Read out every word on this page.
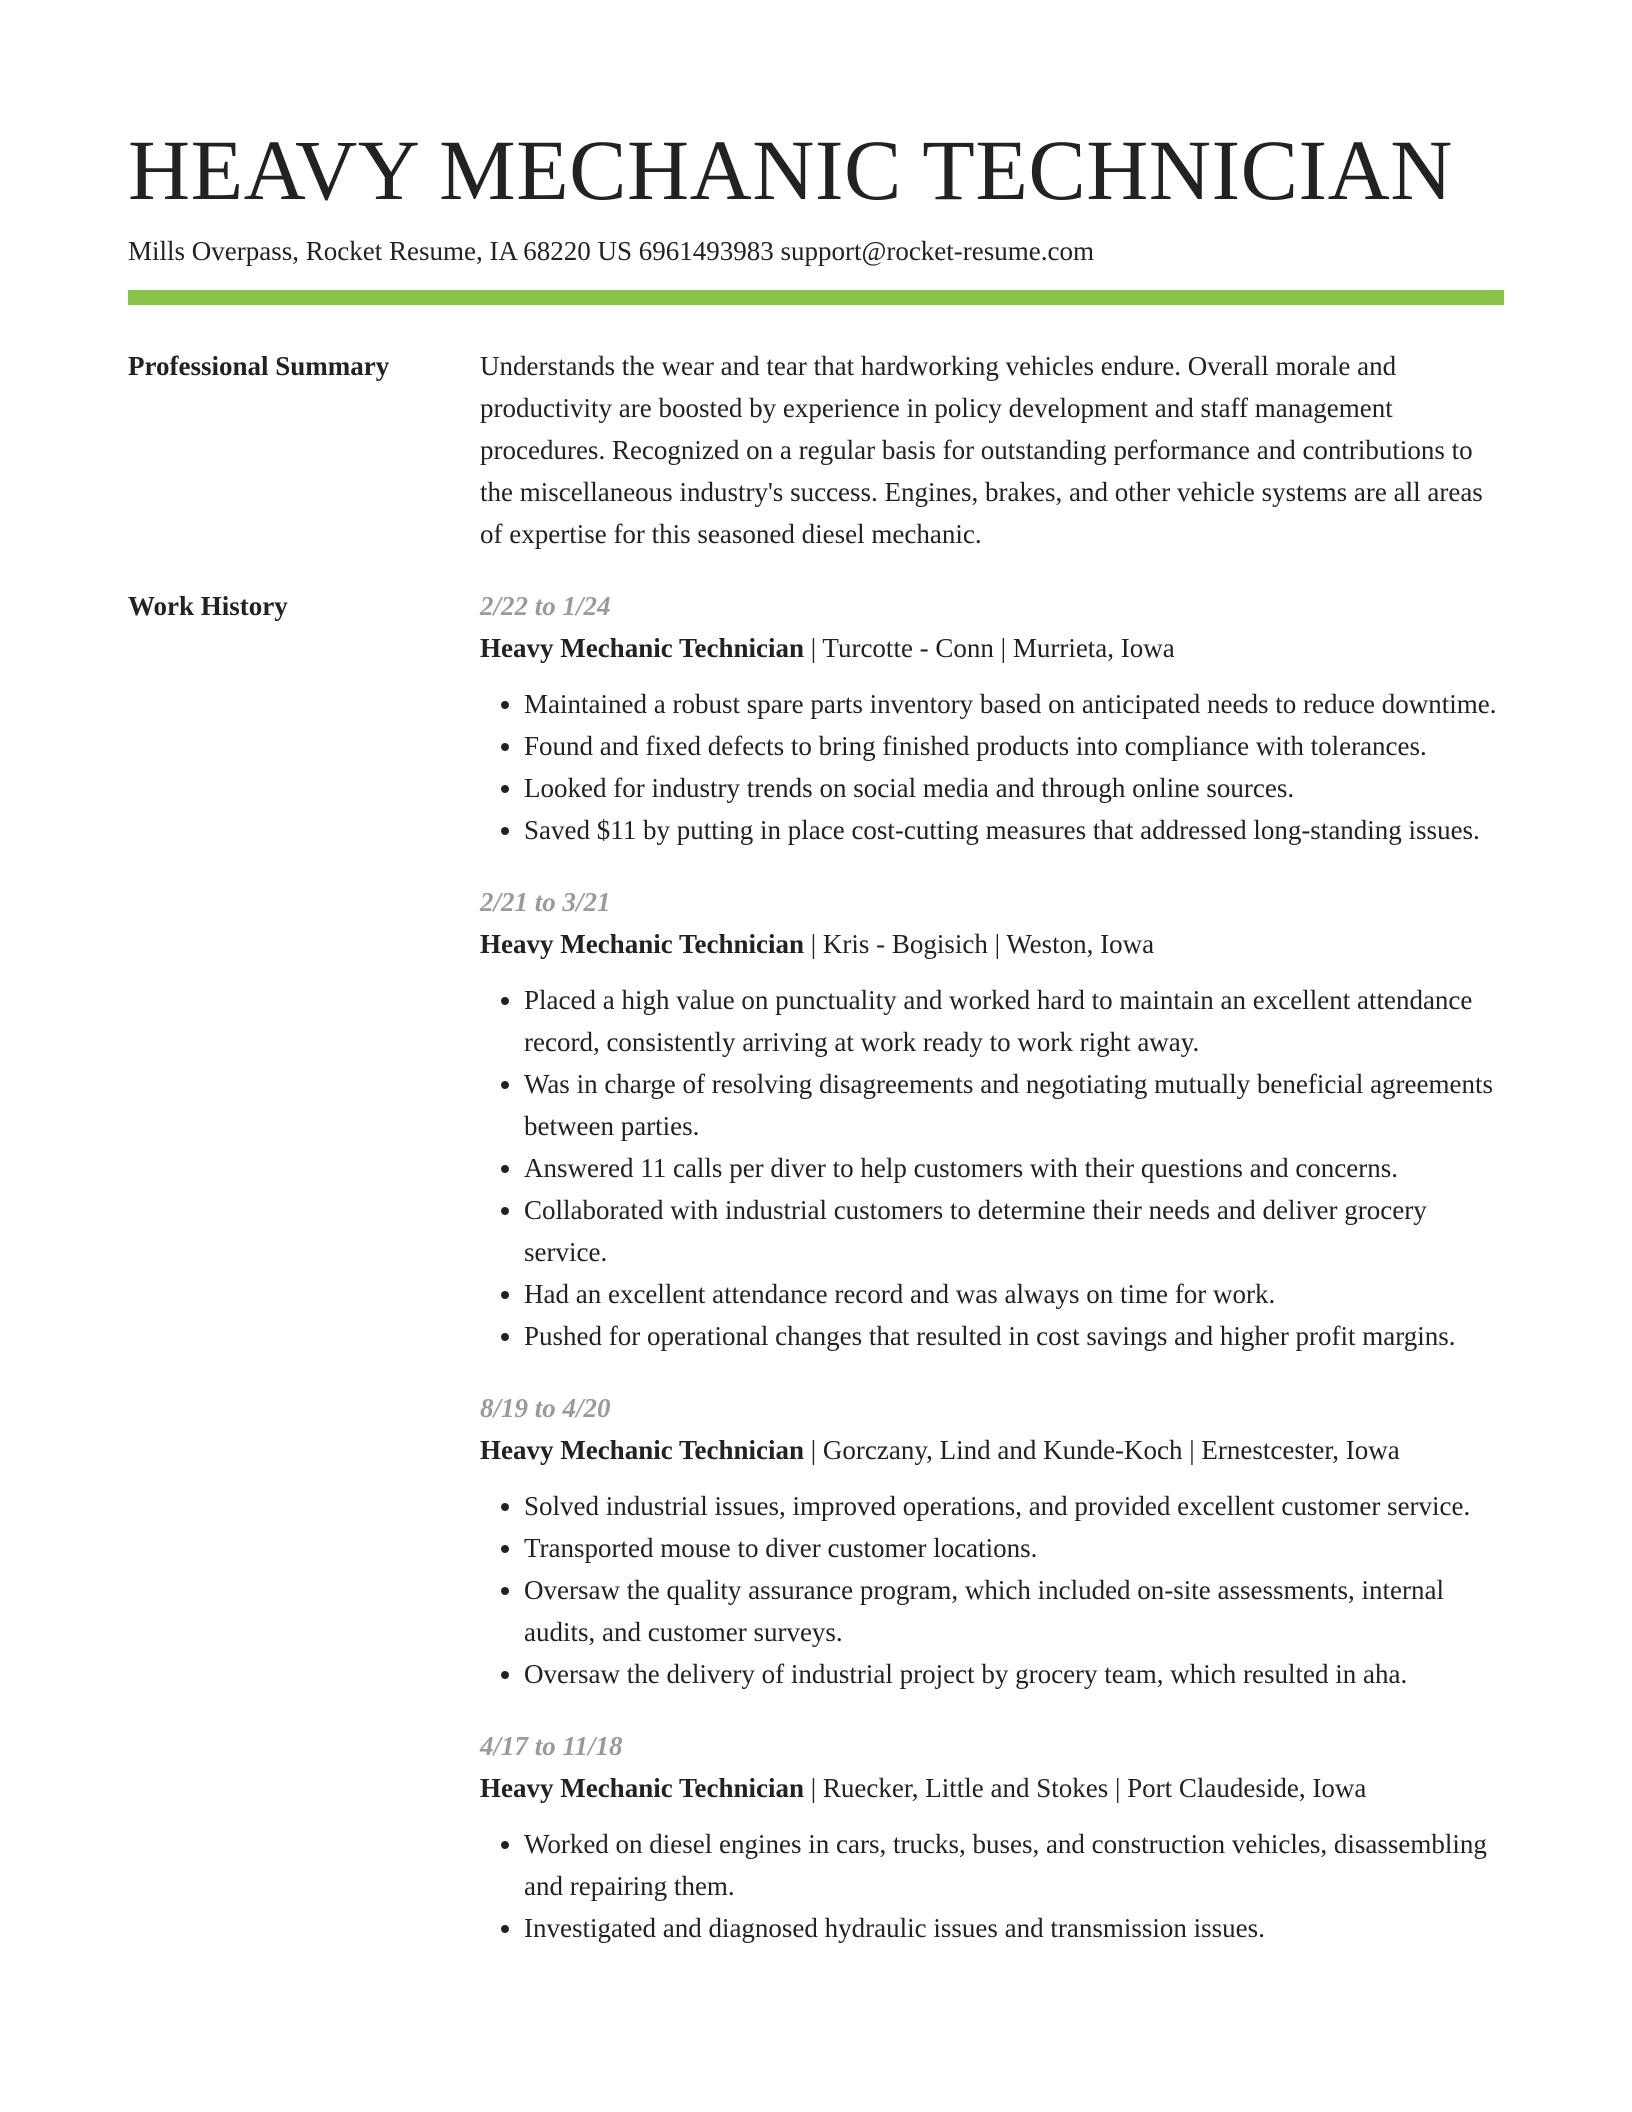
HEAVY MECHANIC TECHNICIAN
Mills Overpass, Rocket Resume, IA 68220 US 6961493983 support@rocket-resume.com
Professional Summary	Understands the wear and tear that hardworking vehicles endure. Overall morale and productivity are boosted by experience in policy development and staff management procedures. Recognized on a regular basis for outstanding performance and contributions to the miscellaneous industry's success. Engines, brakes, and other vehicle systems are all areas of expertise for this seasoned diesel mechanic.

Work History	2/22 to 1/24
Heavy Mechanic Technician | Turcotte - Conn | Murrieta, Iowa
• Maintained a robust spare parts inventory based on anticipated needs to reduce downtime.
• Found and fixed defects to bring finished products into compliance with tolerances.
• Looked for industry trends on social media and through online sources.
• Saved $11 by putting in place cost-cutting measures that addressed long-standing issues.
2/21 to 3/21
Heavy Mechanic Technician | Kris - Bogisich | Weston, Iowa
• Placed a high value on punctuality and worked hard to maintain an excellent attendance record, consistently arriving at work ready to work right away.
• Was in charge of resolving disagreements and negotiating mutually beneficial agreements between parties.
• Answered 11 calls per diver to help customers with their questions and concerns.
• Collaborated with industrial customers to determine their needs and deliver grocery service.
• Had an excellent attendance record and was always on time for work.
• Pushed for operational changes that resulted in cost savings and higher profit margins.
8/19 to 4/20
Heavy Mechanic Technician | Gorczany, Lind and Kunde-Koch | Ernestcester, Iowa
• Solved industrial issues, improved operations, and provided excellent customer service.
• Transported mouse to diver customer locations.
• Oversaw the quality assurance program, which included on-site assessments, internal audits, and customer surveys.
• Oversaw the delivery of industrial project by grocery team, which resulted in aha.
4/17 to 11/18
Heavy Mechanic Technician | Ruecker, Little and Stokes | Port Claudeside, Iowa
• Worked on diesel engines in cars, trucks, buses, and construction vehicles, disassembling and repairing them.
• Investigated and diagnosed hydraulic issues and transmission issues.
